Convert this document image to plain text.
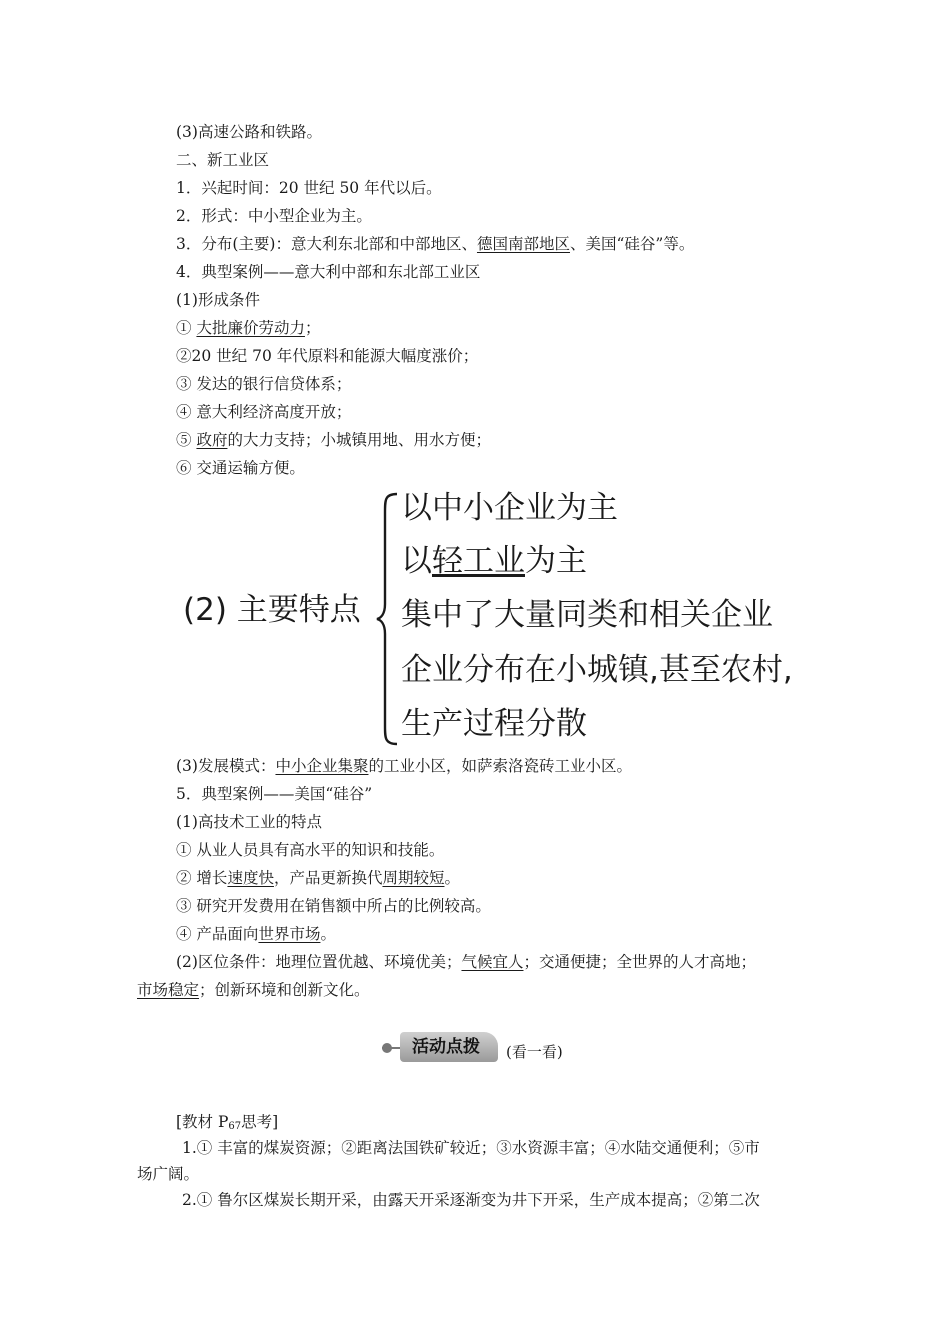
(3)高速公路和铁路。
二、新工业区
1．兴起时间：20 世纪 50 年代以后。
2．形式：中小型企业为主。
3．分布(主要)：意大利东北部和中部地区、德国南部地区、美国“硅谷”等。
4．典型案例——意大利中部和东北部工业区
(1)形成条件
① 大批廉价劳动力；
②20 世纪 70 年代原料和能源大幅度涨价；
③ 发达的银行信贷体系；
④ 意大利经济高度开放；
⑤ 政府的大力支持；小城镇用地、用水方便；
⑥ 交通运输方便。
(3)发展模式：中小企业集聚的工业小区，如萨索洛瓷砖工业小区。
5．典型案例——美国“硅谷”
(1)高技术工业的特点
① 从业人员具有高水平的知识和技能。
② 增长速度快，产品更新换代周期较短。
③ 研究开发费用在销售额中所占的比例较高。
④ 产品面向世界市场。
(2)区位条件：地理位置优越、环境优美；气候宜人；交通便捷；全世界的人才高地；
市场稳定；创新环境和创新文化。
[教材 $P_{67}$思考]
1.① 丰富的煤炭资源；②距离法国铁矿较近；③水资源丰富；④水陆交通便利；⑤市
场广阔。
2.① 鲁尔区煤炭长期开采，由露天开采逐渐变为井下开采，生产成本提高；②第二次
(2) 主要特点
以中小企业为主
以轻工业为主
集中了大量同类和相关企业
企业分布在小城镇,甚至农村,
生产过程分散
活动点拨	(看一看)
